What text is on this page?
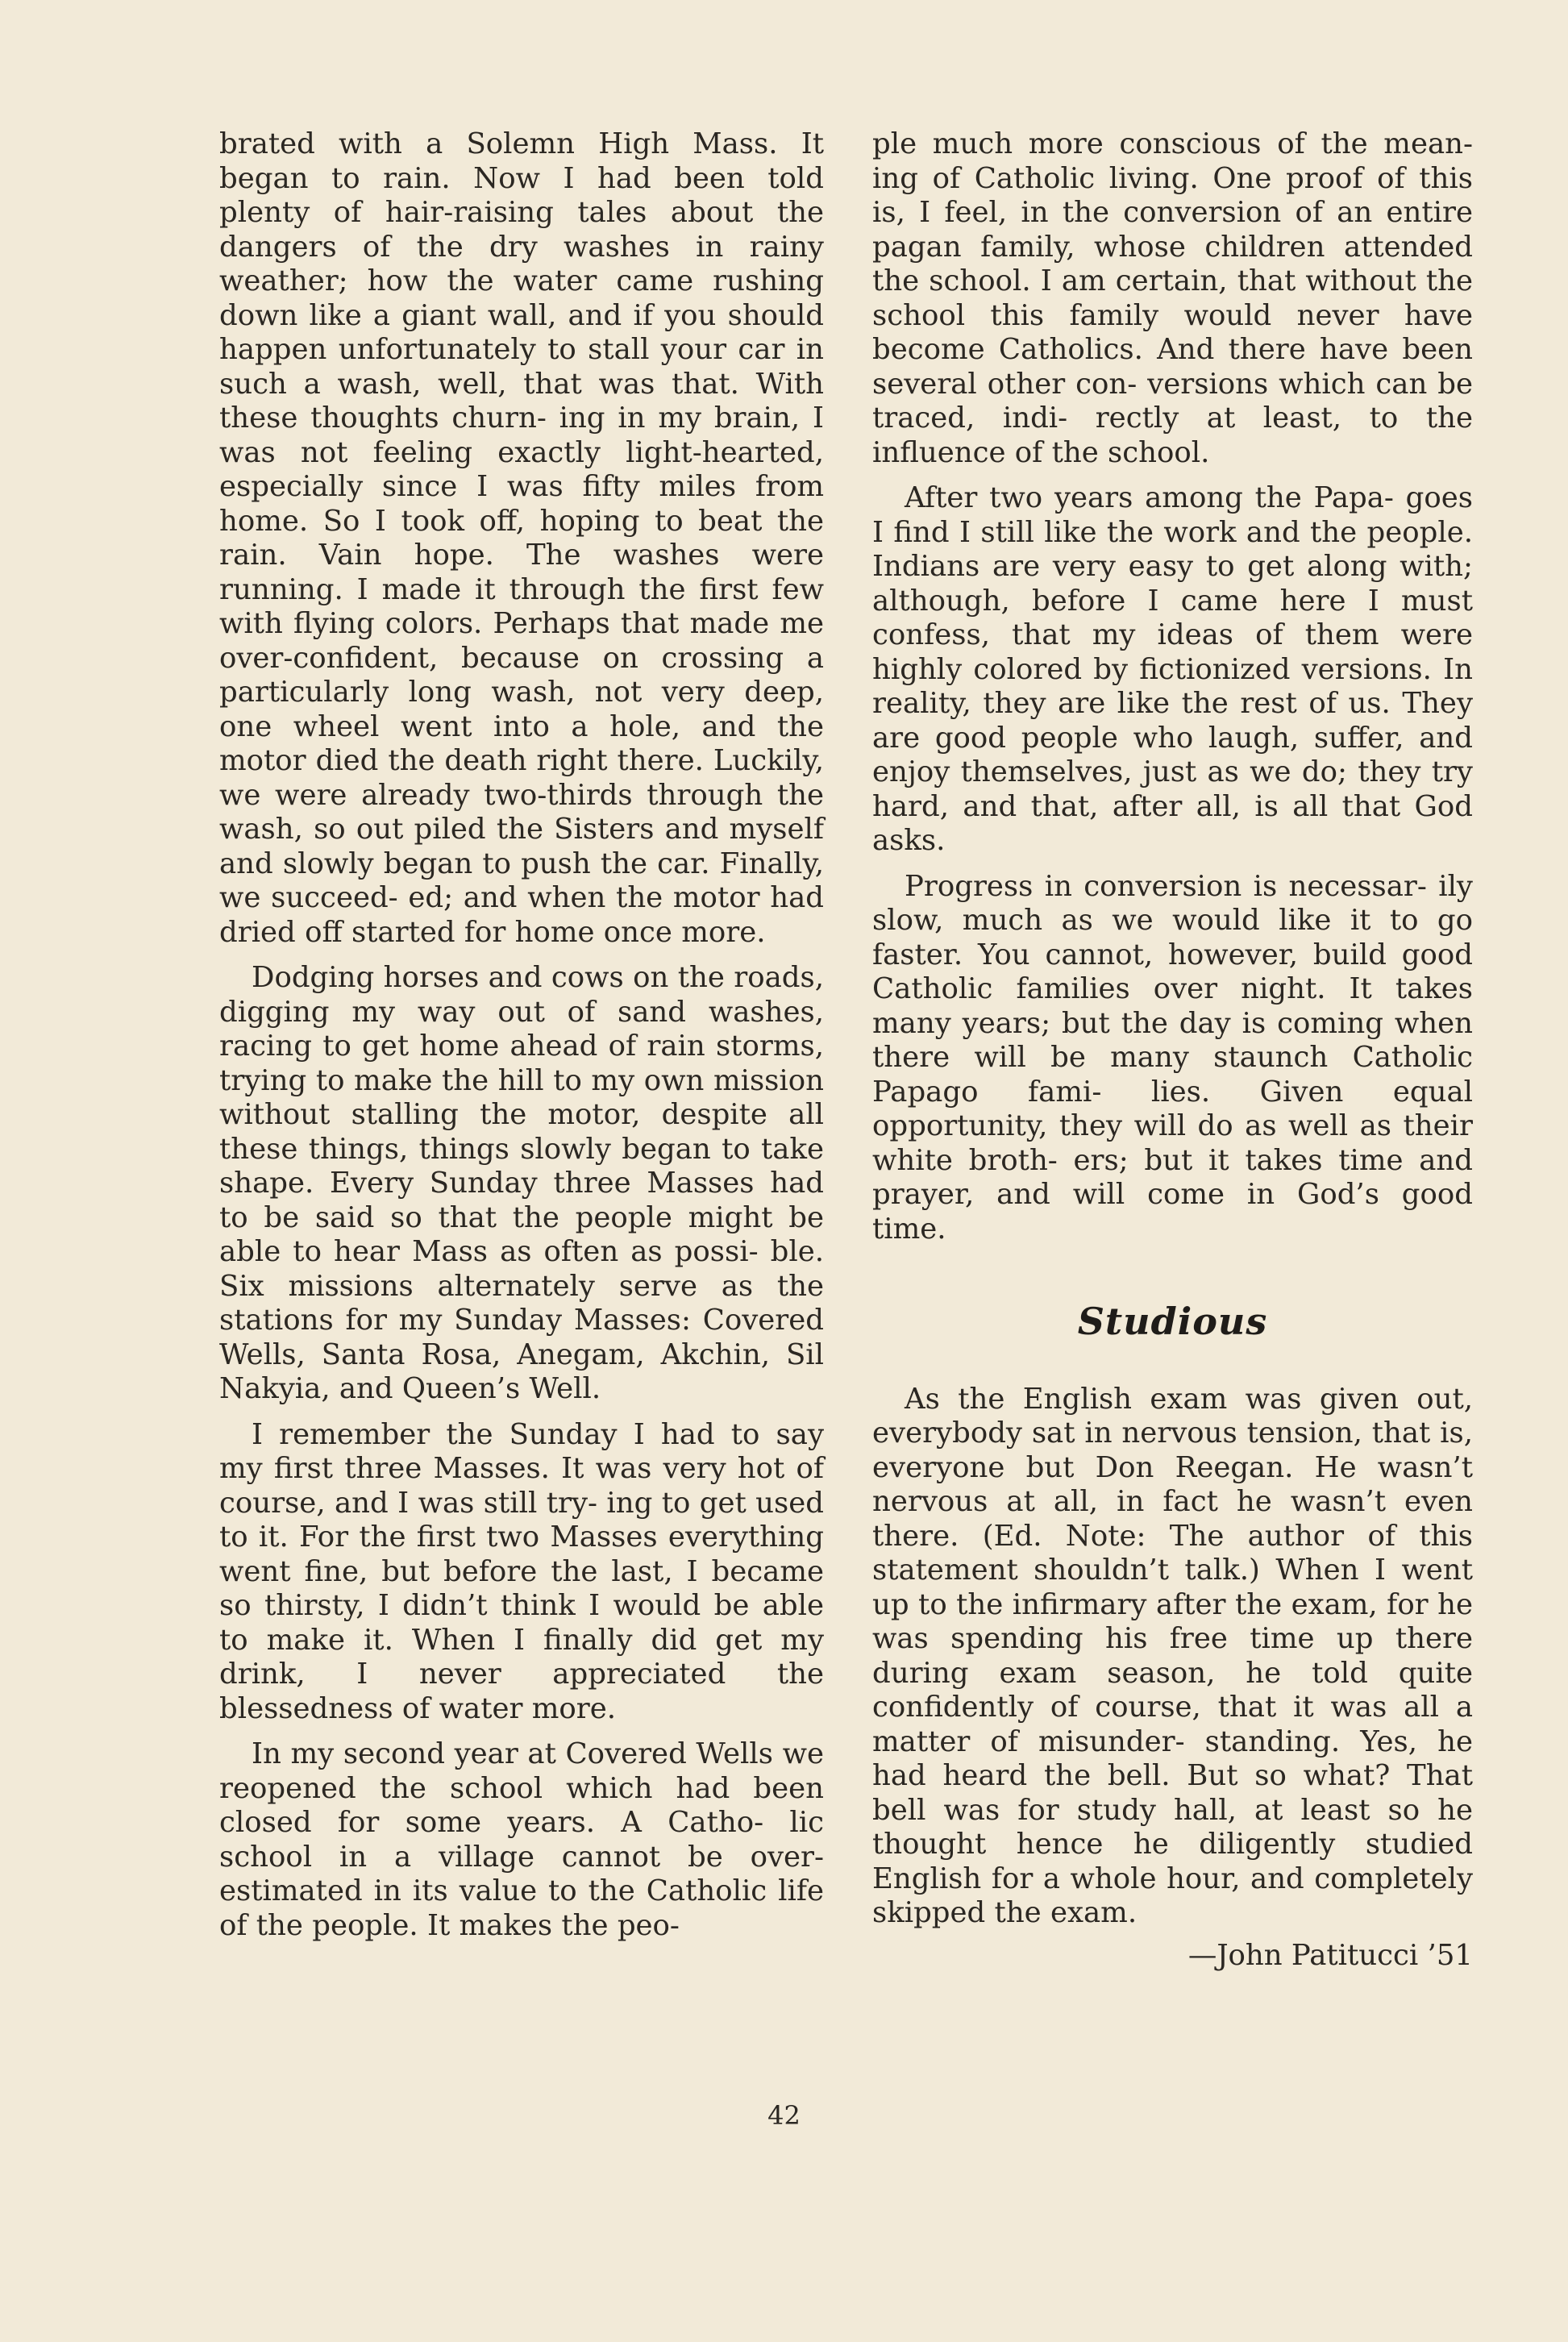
brated with a Solemn High Mass. It began to rain. Now I had been told plenty of hair-raising tales about the dangers of the dry washes in rainy weather; how the water came rushing down like a giant wall, and if you should happen unfortunately to stall your car in such a wash, well, that was that. With these thoughts churn- ing in my brain, I was not feeling exactly light-hearted, especially since I was fifty miles from home. So I took off, hoping to beat the rain. Vain hope. The washes were running. I made it through the first few with flying colors. Perhaps that made me over-confident, because on crossing a particularly long wash, not very deep, one wheel went into a hole, and the motor died the death right there. Luckily, we were already two-thirds through the wash, so out piled the Sisters and myself and slowly began to push the car. Finally, we succeed- ed; and when the motor had dried off started for home once more.

Dodging horses and cows on the roads, digging my way out of sand washes, racing to get home ahead of rain storms, trying to make the hill to my own mission without stalling the motor, despite all these things, things slowly began to take shape. Every Sunday three Masses had to be said so that the people might be able to hear Mass as often as possi- ble. Six missions alternately serve as the stations for my Sunday Masses: Covered Wells, Santa Rosa, Anegam, Akchin, Sil Nakyia, and Queen’s Well.

I remember the Sunday I had to say my first three Masses. It was very hot of course, and I was still try- ing to get used to it. For the first two Masses everything went fine, but before the last, I became so thirsty, I didn’t think I would be able to make it. When I finally did get my drink, I never appreciated the blessedness of water more.

In my second year at Covered Wells we reopened the school which had been closed for some years. A Catho- lic school in a village cannot be over- estimated in its value to the Catholic life of the people. It makes the peo-

ple much more conscious of the mean- ing of Catholic living. One proof of this is, I feel, in the conversion of an entire pagan family, whose children attended the school. I am certain, that without the school this family would never have become Catholics. And there have been several other con- versions which can be traced, indi- rectly at least, to the influence of the school.

After two years among the Papa- goes I find I still like the work and the people. Indians are very easy to get along with; although, before I came here I must confess, that my ideas of them were highly colored by fictionized versions. In reality, they are like the rest of us. They are good people who laugh, suffer, and enjoy themselves, just as we do; they try hard, and that, after all, is all that God asks.

Progress in conversion is necessar- ily slow, much as we would like it to go faster. You cannot, however, build good Catholic families over night. It takes many years; but the day is coming when there will be many staunch Catholic Papago fami- lies. Given equal opportunity, they will do as well as their white broth- ers; but it takes time and prayer, and will come in God’s good time.

Studious

As the English exam was given out, everybody sat in nervous tension, that is, everyone but Don Reegan. He wasn’t nervous at all, in fact he wasn’t even there. (Ed. Note: The author of this statement shouldn’t talk.) When I went up to the infirmary after the exam, for he was spending his free time up there during exam season, he told quite confidently of course, that it was all a matter of misunder- standing. Yes, he had heard the bell. But so what? That bell was for study hall, at least so he thought hence he diligently studied English for a whole hour, and completely skipped the exam.

—John Patitucci ’51

42
